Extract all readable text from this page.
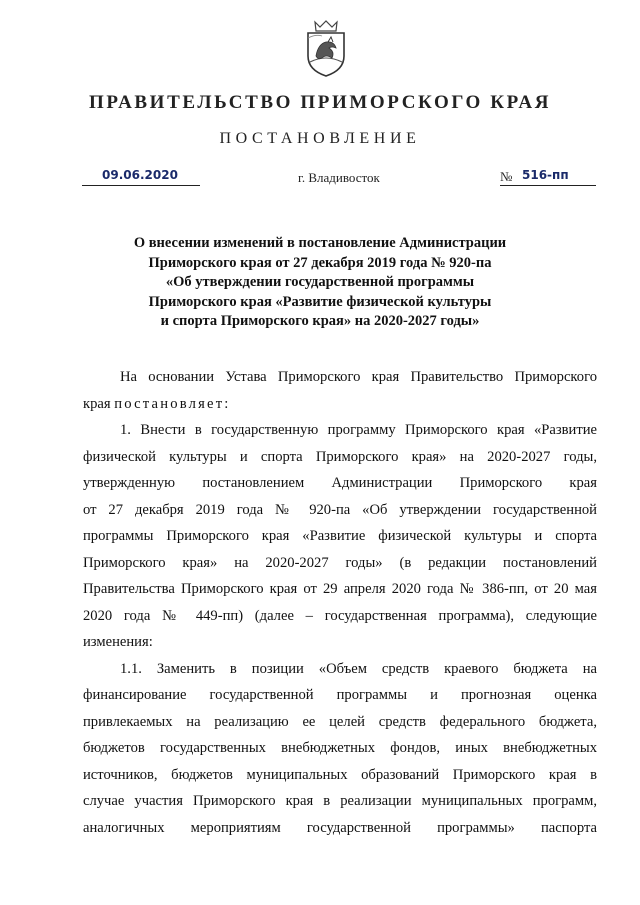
ПРАВИТЕЛЬСТВО ПРИМОРСКОГО КРАЯ
ПОСТАНОВЛЕНИЕ
09.06.2020	г. Владивосток	№ 516-пп
О внесении изменений в постановление Администрации
Приморского края от 27 декабря 2019 года № 920-па
«Об утверждении государственной программы
Приморского края «Развитие физической культуры
и спорта Приморского края» на 2020-2027 годы»
На основании Устава Приморского края Правительство Приморского
края постановляет:
1. Внести в государственную программу Приморского края «Развитие
физической культуры и спорта Приморского края» на 2020-2027 годы,
утвержденную постановлением Администрации Приморского края
от 27 декабря 2019 года № 920-па «Об утверждении государственной
программы Приморского края «Развитие физической культуры и спорта
Приморского края» на 2020-2027 годы» (в редакции постановлений
Правительства Приморского края от 29 апреля 2020 года № 386-пп, от 20 мая
2020 года № 449-пп) (далее – государственная программа), следующие
изменения:
1.1. Заменить в позиции «Объем средств краевого бюджета на
финансирование государственной программы и прогнозная оценка
привлекаемых на реализацию ее целей средств федерального бюджета,
бюджетов государственных внебюджетных фондов, иных внебюджетных
источников, бюджетов муниципальных образований Приморского края в
случае участия Приморского края в реализации муниципальных программ,
аналогичных мероприятиям государственной программы» паспорта
